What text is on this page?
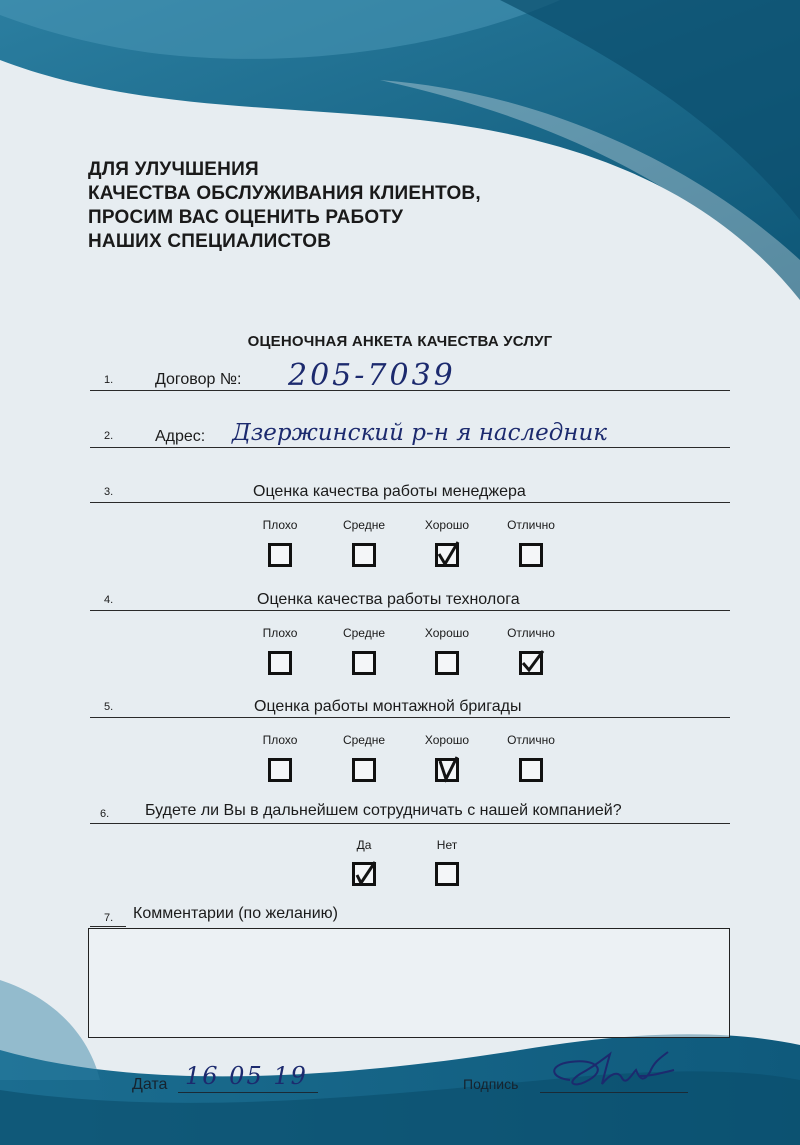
ДЛЯ УЛУЧШЕНИЯ
КАЧЕСТВА ОБСЛУЖИВАНИЯ КЛИЕНТОВ,
ПРОСИМ ВАС ОЦЕНИТЬ РАБОТУ
НАШИХ СПЕЦИАЛИСТОВ
ОЦЕНОЧНАЯ АНКЕТА КАЧЕСТВА УСЛУГ
1.	Договор №: 205-7039
2.	Адрес: Дзержинский р-н я наследник
3.	Оценка качества работы менеджера
Плохо	Средне	Хорошо	Отлично
4.	Оценка качества работы технолога
Плохо	Средне	Хорошо	Отлично
5.	Оценка работы монтажной бригады
Плохо	Средне	Хорошо	Отлично
6. Будете ли Вы в дальнейшем сотрудничать с нашей компанией?
Да	Нет
7. Комментарии (по желанию)
Дата 16 05 19	Подпись
